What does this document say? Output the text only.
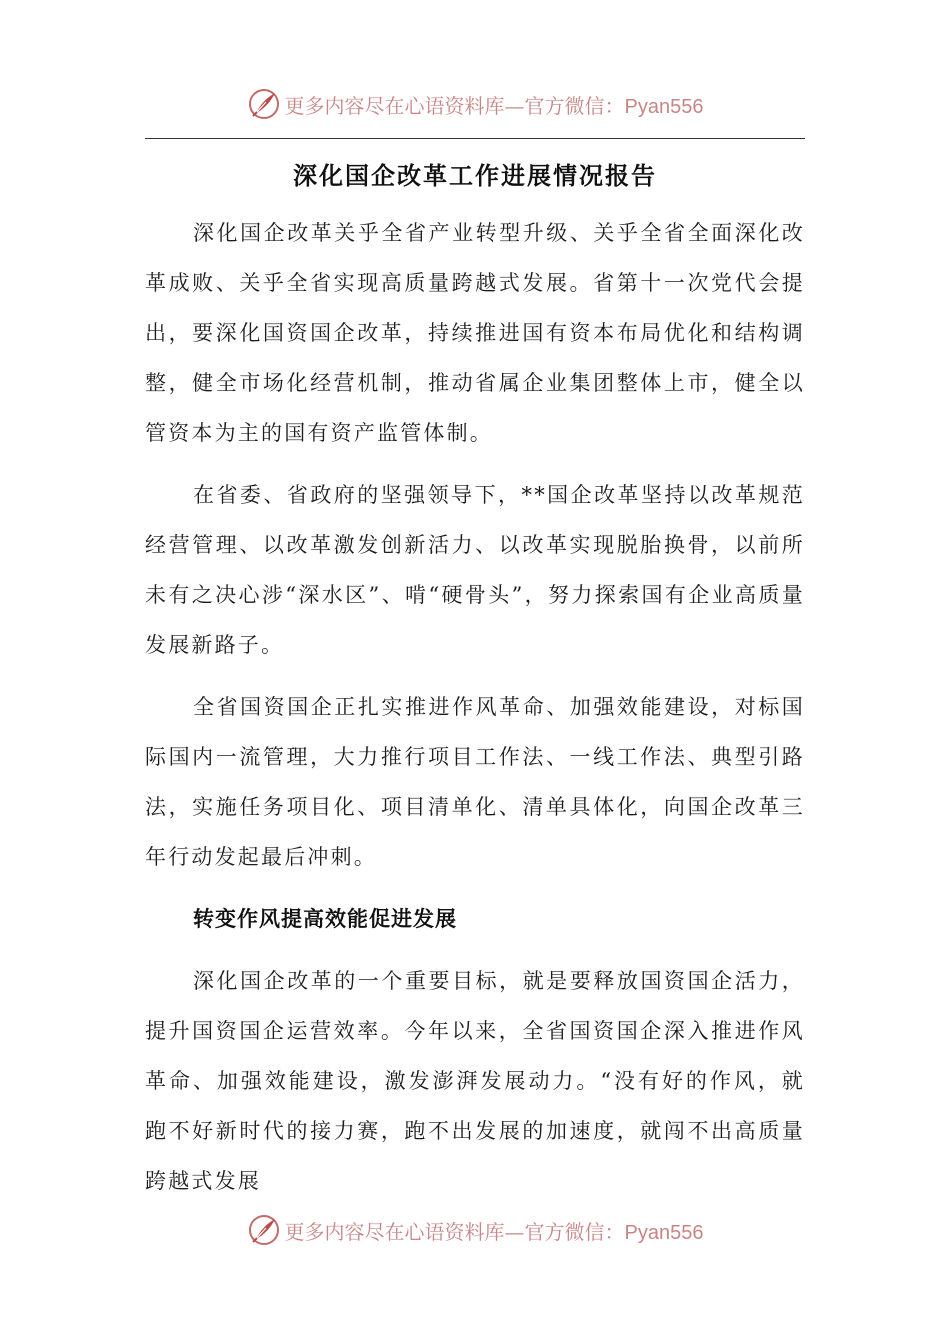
更多内容尽在心语资料库—官方微信：Pyan556
深化国企改革工作进展情况报告

深化国企改革关乎全省产业转型升级、关乎全省全面深化改革成败、关乎全省实现高质量跨越式发展。省第十一次党代会提出，要深化国资国企改革，持续推进国有资本布局优化和结构调整，健全市场化经营机制，推动省属企业集团整体上市，健全以管资本为主的国有资产监管体制。

在省委、省政府的坚强领导下，**国企改革坚持以改革规范经营管理、以改革激发创新活力、以改革实现脱胎换骨，以前所未有之决心涉“深水区”、啃“硬骨头”，努力探索国有企业高质量发展新路子。

全省国资国企正扎实推进作风革命、加强效能建设，对标国际国内一流管理，大力推行项目工作法、一线工作法、典型引路法，实施任务项目化、项目清单化、清单具体化，向国企改革三年行动发起最后冲刺。

转变作风提高效能促进发展

深化国企改革的一个重要目标，就是要释放国资国企活力，提升国资国企运营效率。今年以来，全省国资国企深入推进作风革命、加强效能建设，激发澎湃发展动力。“没有好的作风，就跑不好新时代的接力赛，跑不出发展的加速度，就闯不出高质量跨越式发展

更多内容尽在心语资料库—官方微信：Pyan556
